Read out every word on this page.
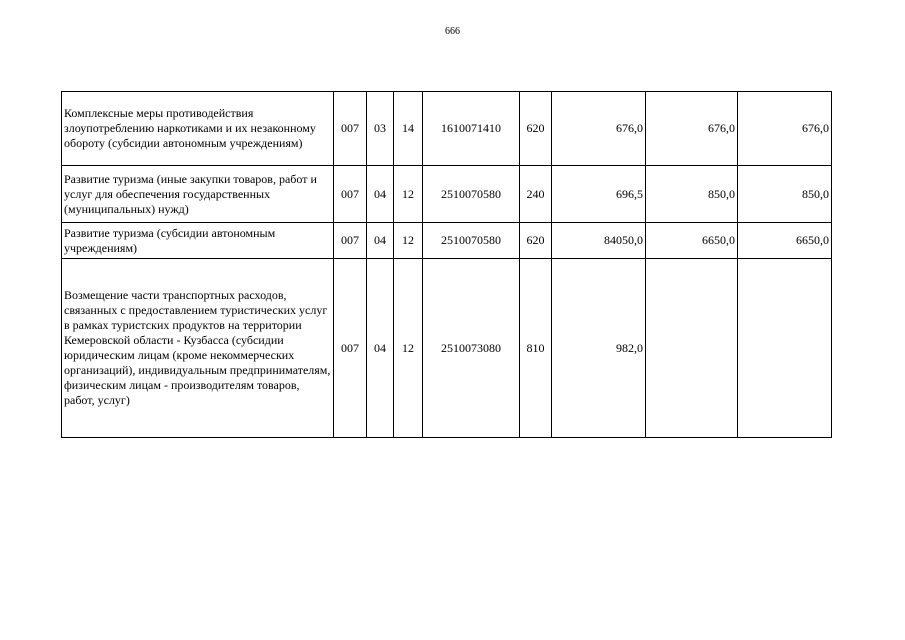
666
Комплексные меры противодействия злоупотреблению наркотиками и их незаконному обороту (субсидии автономным учреждениям)	007	03	14	1610071410	620	676,0	676,0	676,0
Развитие туризма (иные закупки товаров, работ и услуг для обеспечения государственных (муниципальных) нужд)	007	04	12	2510070580	240	696,5	850,0	850,0
Развитие туризма (субсидии автономным учреждениям)	007	04	12	2510070580	620	84050,0	6650,0	6650,0
Возмещение части транспортных расходов, связанных с предоставлением туристических услуг в рамках туристских продуктов на территории Кемеровской области - Кузбасса (субсидии юридическим лицам (кроме некоммерческих организаций), индивидуальным предпринимателям, физическим лицам - производителям товаров, работ, услуг)	007	04	12	2510073080	810	982,0		
